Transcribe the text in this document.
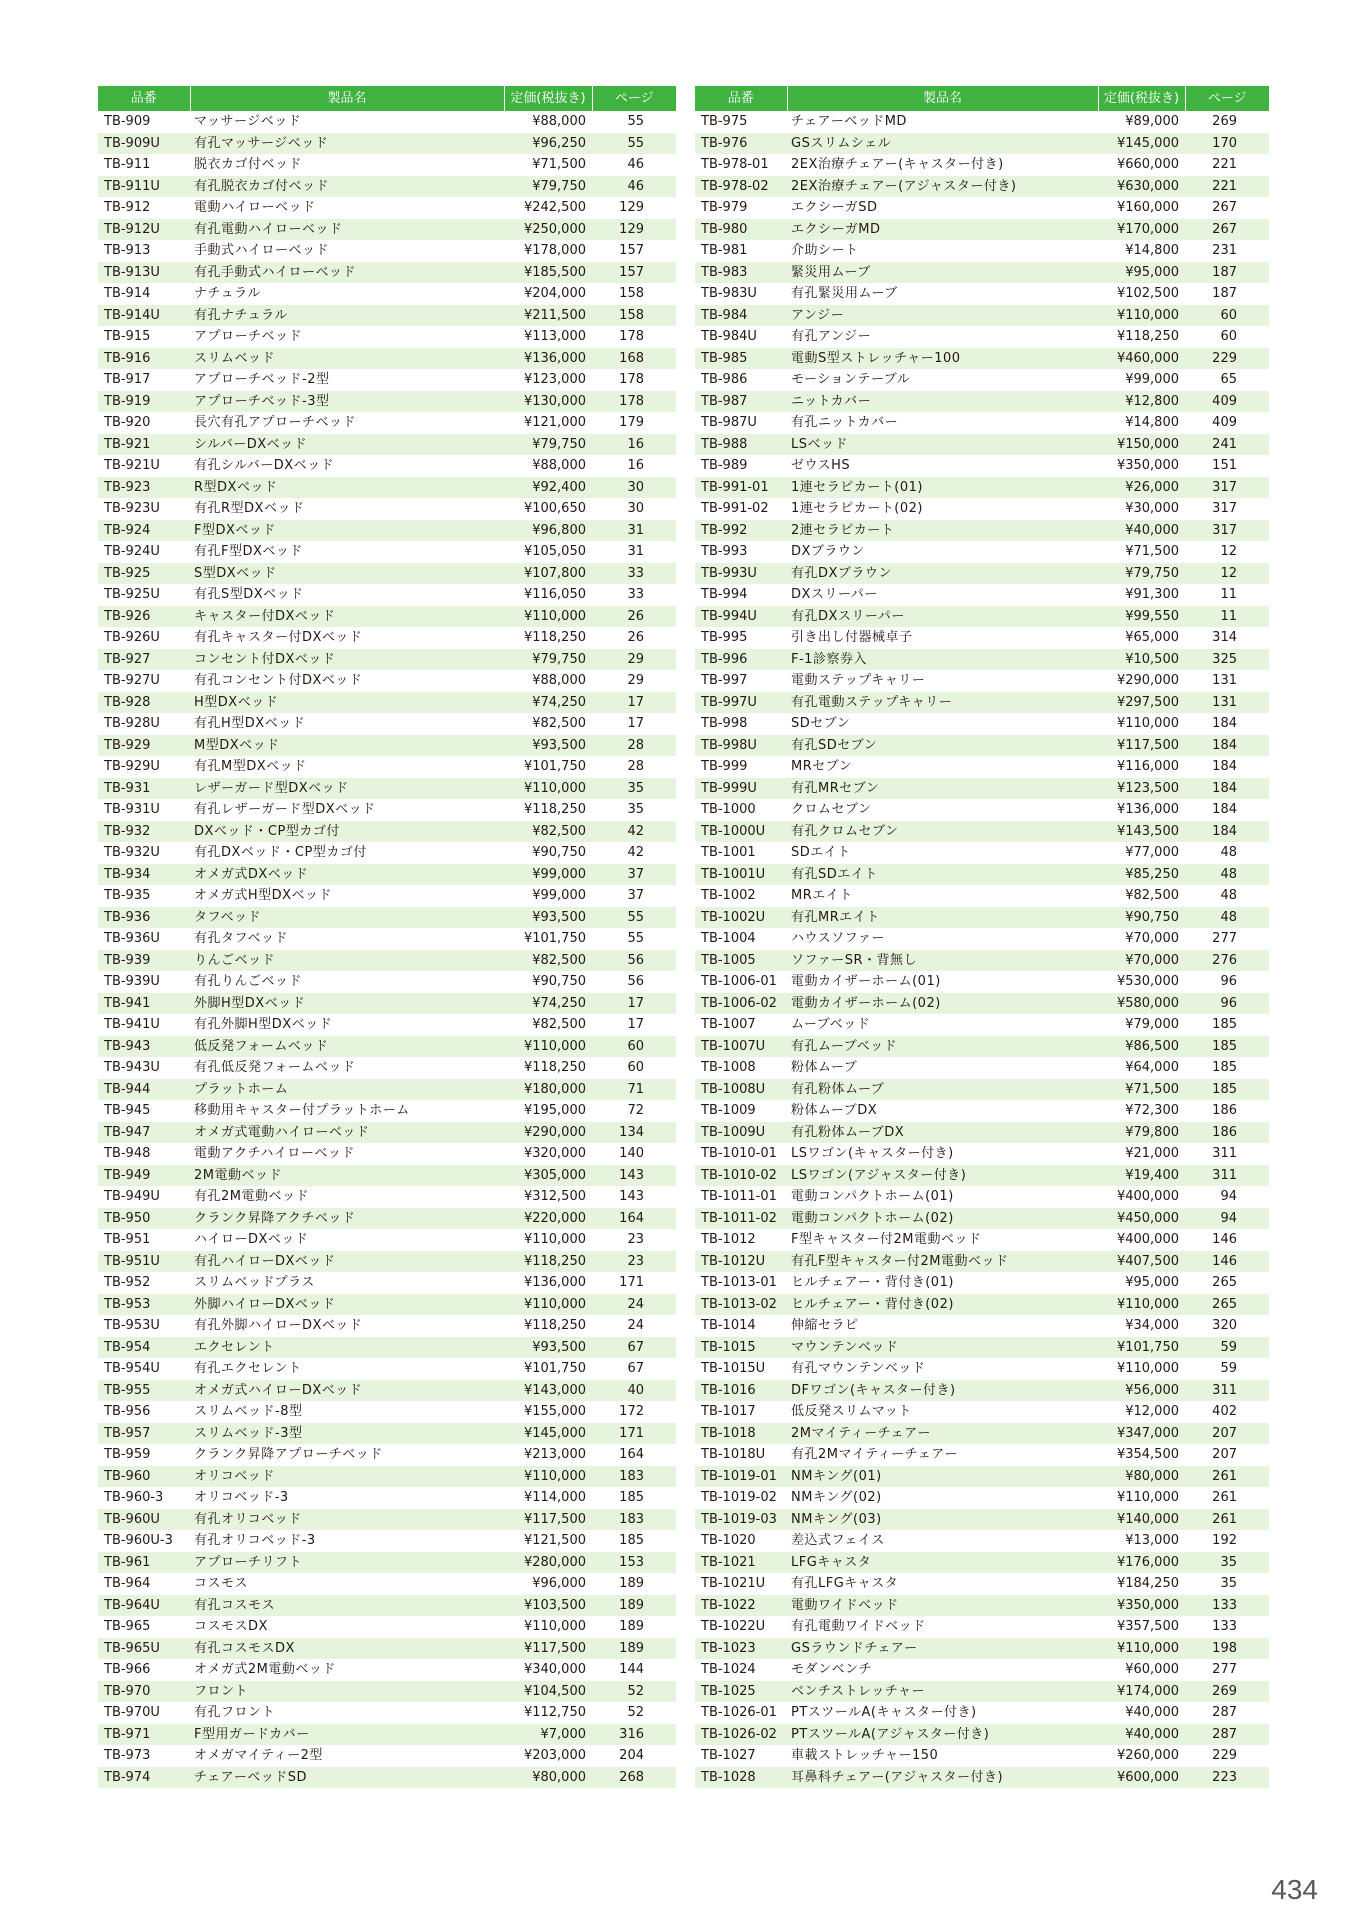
品番	製品名	定価(税抜き)	ページ
TB-909	マッサージベッド	¥88,000	55
TB-909U	有孔マッサージベッド	¥96,250	55
TB-911	脱衣カゴ付ベッド	¥71,500	46
TB-911U	有孔脱衣カゴ付ベッド	¥79,750	46
TB-912	電動ハイローベッド	¥242,500	129
TB-912U	有孔電動ハイローベッド	¥250,000	129
TB-913	手動式ハイローベッド	¥178,000	157
TB-913U	有孔手動式ハイローベッド	¥185,500	157
TB-914	ナチュラル	¥204,000	158
TB-914U	有孔ナチュラル	¥211,500	158
TB-915	アプローチベッド	¥113,000	178
TB-916	スリムベッド	¥136,000	168
TB-917	アプローチベッド-2型	¥123,000	178
TB-919	アプローチベッド-3型	¥130,000	178
TB-920	長穴有孔アプローチベッド	¥121,000	179
TB-921	シルバーDXベッド	¥79,750	16
TB-921U	有孔シルバーDXベッド	¥88,000	16
TB-923	R型DXベッド	¥92,400	30
TB-923U	有孔R型DXベッド	¥100,650	30
TB-924	F型DXベッド	¥96,800	31
TB-924U	有孔F型DXベッド	¥105,050	31
TB-925	S型DXベッド	¥107,800	33
TB-925U	有孔S型DXベッド	¥116,050	33
TB-926	キャスター付DXベッド	¥110,000	26
TB-926U	有孔キャスター付DXベッド	¥118,250	26
TB-927	コンセント付DXベッド	¥79,750	29
TB-927U	有孔コンセント付DXベッド	¥88,000	29
TB-928	H型DXベッド	¥74,250	17
TB-928U	有孔H型DXベッド	¥82,500	17
TB-929	M型DXベッド	¥93,500	28
TB-929U	有孔M型DXベッド	¥101,750	28
TB-931	レザーガード型DXベッド	¥110,000	35
TB-931U	有孔レザーガード型DXベッド	¥118,250	35
TB-932	DXベッド・CP型カゴ付	¥82,500	42
TB-932U	有孔DXベッド・CP型カゴ付	¥90,750	42
TB-934	オメガ式DXベッド	¥99,000	37
TB-935	オメガ式H型DXベッド	¥99,000	37
TB-936	タフベッド	¥93,500	55
TB-936U	有孔タフベッド	¥101,750	55
TB-939	りんごベッド	¥82,500	56
TB-939U	有孔りんごベッド	¥90,750	56
TB-941	外脚H型DXベッド	¥74,250	17
TB-941U	有孔外脚H型DXベッド	¥82,500	17
TB-943	低反発フォームベッド	¥110,000	60
TB-943U	有孔低反発フォームベッド	¥118,250	60
TB-944	プラットホーム	¥180,000	71
TB-945	移動用キャスター付プラットホーム	¥195,000	72
TB-947	オメガ式電動ハイローベッド	¥290,000	134
TB-948	電動アクチハイローベッド	¥320,000	140
TB-949	2M電動ベッド	¥305,000	143
TB-949U	有孔2M電動ベッド	¥312,500	143
TB-950	クランク昇降アクチベッド	¥220,000	164
TB-951	ハイローDXベッド	¥110,000	23
TB-951U	有孔ハイローDXベッド	¥118,250	23
TB-952	スリムベッドプラス	¥136,000	171
TB-953	外脚ハイローDXベッド	¥110,000	24
TB-953U	有孔外脚ハイローDXベッド	¥118,250	24
TB-954	エクセレント	¥93,500	67
TB-954U	有孔エクセレント	¥101,750	67
TB-955	オメガ式ハイローDXベッド	¥143,000	40
TB-956	スリムベッド-8型	¥155,000	172
TB-957	スリムベッド-3型	¥145,000	171
TB-959	クランク昇降アプローチベッド	¥213,000	164
TB-960	オリコベッド	¥110,000	183
TB-960-3	オリコベッド-3	¥114,000	185
TB-960U	有孔オリコベッド	¥117,500	183
TB-960U-3	有孔オリコベッド-3	¥121,500	185
TB-961	アプローチリフト	¥280,000	153
TB-964	コスモス	¥96,000	189
TB-964U	有孔コスモス	¥103,500	189
TB-965	コスモスDX	¥110,000	189
TB-965U	有孔コスモスDX	¥117,500	189
TB-966	オメガ式2M電動ベッド	¥340,000	144
TB-970	フロント	¥104,500	52
TB-970U	有孔フロント	¥112,750	52
TB-971	F型用ガードカバー	¥7,000	316
TB-973	オメガマイティー2型	¥203,000	204
TB-974	チェアーベッドSD	¥80,000	268
品番	製品名	定価(税抜き)	ページ
TB-975	チェアーベッドMD	¥89,000	269
TB-976	GSスリムシェル	¥145,000	170
TB-978-01	2EX治療チェアー(キャスター付き)	¥660,000	221
TB-978-02	2EX治療チェアー(アジャスター付き)	¥630,000	221
TB-979	エクシーガSD	¥160,000	267
TB-980	エクシーガMD	¥170,000	267
TB-981	介助シート	¥14,800	231
TB-983	緊災用ムーブ	¥95,000	187
TB-983U	有孔緊災用ムーブ	¥102,500	187
TB-984	アンジー	¥110,000	60
TB-984U	有孔アンジー	¥118,250	60
TB-985	電動S型ストレッチャー100	¥460,000	229
TB-986	モーションテーブル	¥99,000	65
TB-987	ニットカバー	¥12,800	409
TB-987U	有孔ニットカバー	¥14,800	409
TB-988	LSベッド	¥150,000	241
TB-989	ゼウスHS	¥350,000	151
TB-991-01	1連セラピカート(01)	¥26,000	317
TB-991-02	1連セラピカート(02)	¥30,000	317
TB-992	2連セラピカート	¥40,000	317
TB-993	DXブラウン	¥71,500	12
TB-993U	有孔DXブラウン	¥79,750	12
TB-994	DXスリーパー	¥91,300	11
TB-994U	有孔DXスリーパー	¥99,550	11
TB-995	引き出し付器械卓子	¥65,000	314
TB-996	F-1診察券入	¥10,500	325
TB-997	電動ステップキャリー	¥290,000	131
TB-997U	有孔電動ステップキャリー	¥297,500	131
TB-998	SDセブン	¥110,000	184
TB-998U	有孔SDセブン	¥117,500	184
TB-999	MRセブン	¥116,000	184
TB-999U	有孔MRセブン	¥123,500	184
TB-1000	クロムセブン	¥136,000	184
TB-1000U	有孔クロムセブン	¥143,500	184
TB-1001	SDエイト	¥77,000	48
TB-1001U	有孔SDエイト	¥85,250	48
TB-1002	MRエイト	¥82,500	48
TB-1002U	有孔MRエイト	¥90,750	48
TB-1004	ハウスソファー	¥70,000	277
TB-1005	ソファーSR・背無し	¥70,000	276
TB-1006-01	電動カイザーホーム(01)	¥530,000	96
TB-1006-02	電動カイザーホーム(02)	¥580,000	96
TB-1007	ムーブベッド	¥79,000	185
TB-1007U	有孔ムーブベッド	¥86,500	185
TB-1008	粉体ムーブ	¥64,000	185
TB-1008U	有孔粉体ムーブ	¥71,500	185
TB-1009	粉体ムーブDX	¥72,300	186
TB-1009U	有孔粉体ムーブDX	¥79,800	186
TB-1010-01	LSワゴン(キャスター付き)	¥21,000	311
TB-1010-02	LSワゴン(アジャスター付き)	¥19,400	311
TB-1011-01	電動コンパクトホーム(01)	¥400,000	94
TB-1011-02	電動コンパクトホーム(02)	¥450,000	94
TB-1012	F型キャスター付2M電動ベッド	¥400,000	146
TB-1012U	有孔F型キャスター付2M電動ベッド	¥407,500	146
TB-1013-01	ヒルチェアー・背付き(01)	¥95,000	265
TB-1013-02	ヒルチェアー・背付き(02)	¥110,000	265
TB-1014	伸縮セラピ	¥34,000	320
TB-1015	マウンテンベッド	¥101,750	59
TB-1015U	有孔マウンテンベッド	¥110,000	59
TB-1016	DFワゴン(キャスター付き)	¥56,000	311
TB-1017	低反発スリムマット	¥12,000	402
TB-1018	2Mマイティーチェアー	¥347,000	207
TB-1018U	有孔2Mマイティーチェアー	¥354,500	207
TB-1019-01	NMキング(01)	¥80,000	261
TB-1019-02	NMキング(02)	¥110,000	261
TB-1019-03	NMキング(03)	¥140,000	261
TB-1020	差込式フェイス	¥13,000	192
TB-1021	LFGキャスタ	¥176,000	35
TB-1021U	有孔LFGキャスタ	¥184,250	35
TB-1022	電動ワイドベッド	¥350,000	133
TB-1022U	有孔電動ワイドベッド	¥357,500	133
TB-1023	GSラウンドチェアー	¥110,000	198
TB-1024	モダンベンチ	¥60,000	277
TB-1025	ベンチストレッチャー	¥174,000	269
TB-1026-01	PTスツールA(キャスター付き)	¥40,000	287
TB-1026-02	PTスツールA(アジャスター付き)	¥40,000	287
TB-1027	車載ストレッチャー150	¥260,000	229
TB-1028	耳鼻科チェアー(アジャスター付き)	¥600,000	223
434
